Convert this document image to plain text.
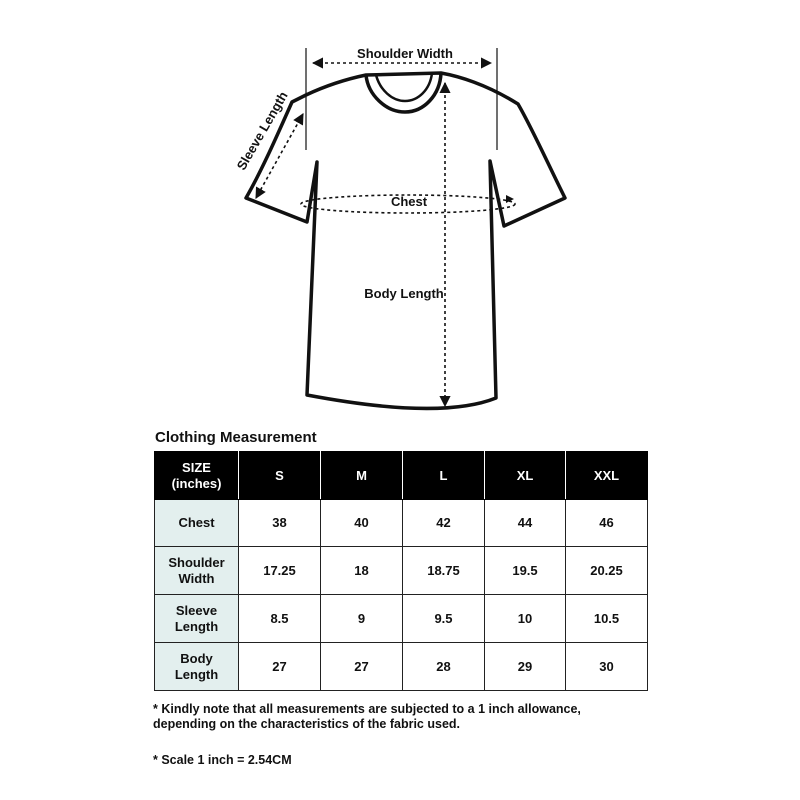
Shoulder Width
Sleeve Length
Chest
Body Length
Clothing Measurement
SIZE
(inches)	S	M	L	XL	XXL
Chest	38	40	42	44	46
Shoulder
Width	17.25	18	18.75	19.5	20.25
Sleeve
Length	8.5	9	9.5	10	10.5
Body
Length	27	27	28	29	30

* Kindly note that all measurements are subjected to a 1 inch allowance,
depending on the characteristics of the fabric used.

* Scale 1 inch = 2.54CM
